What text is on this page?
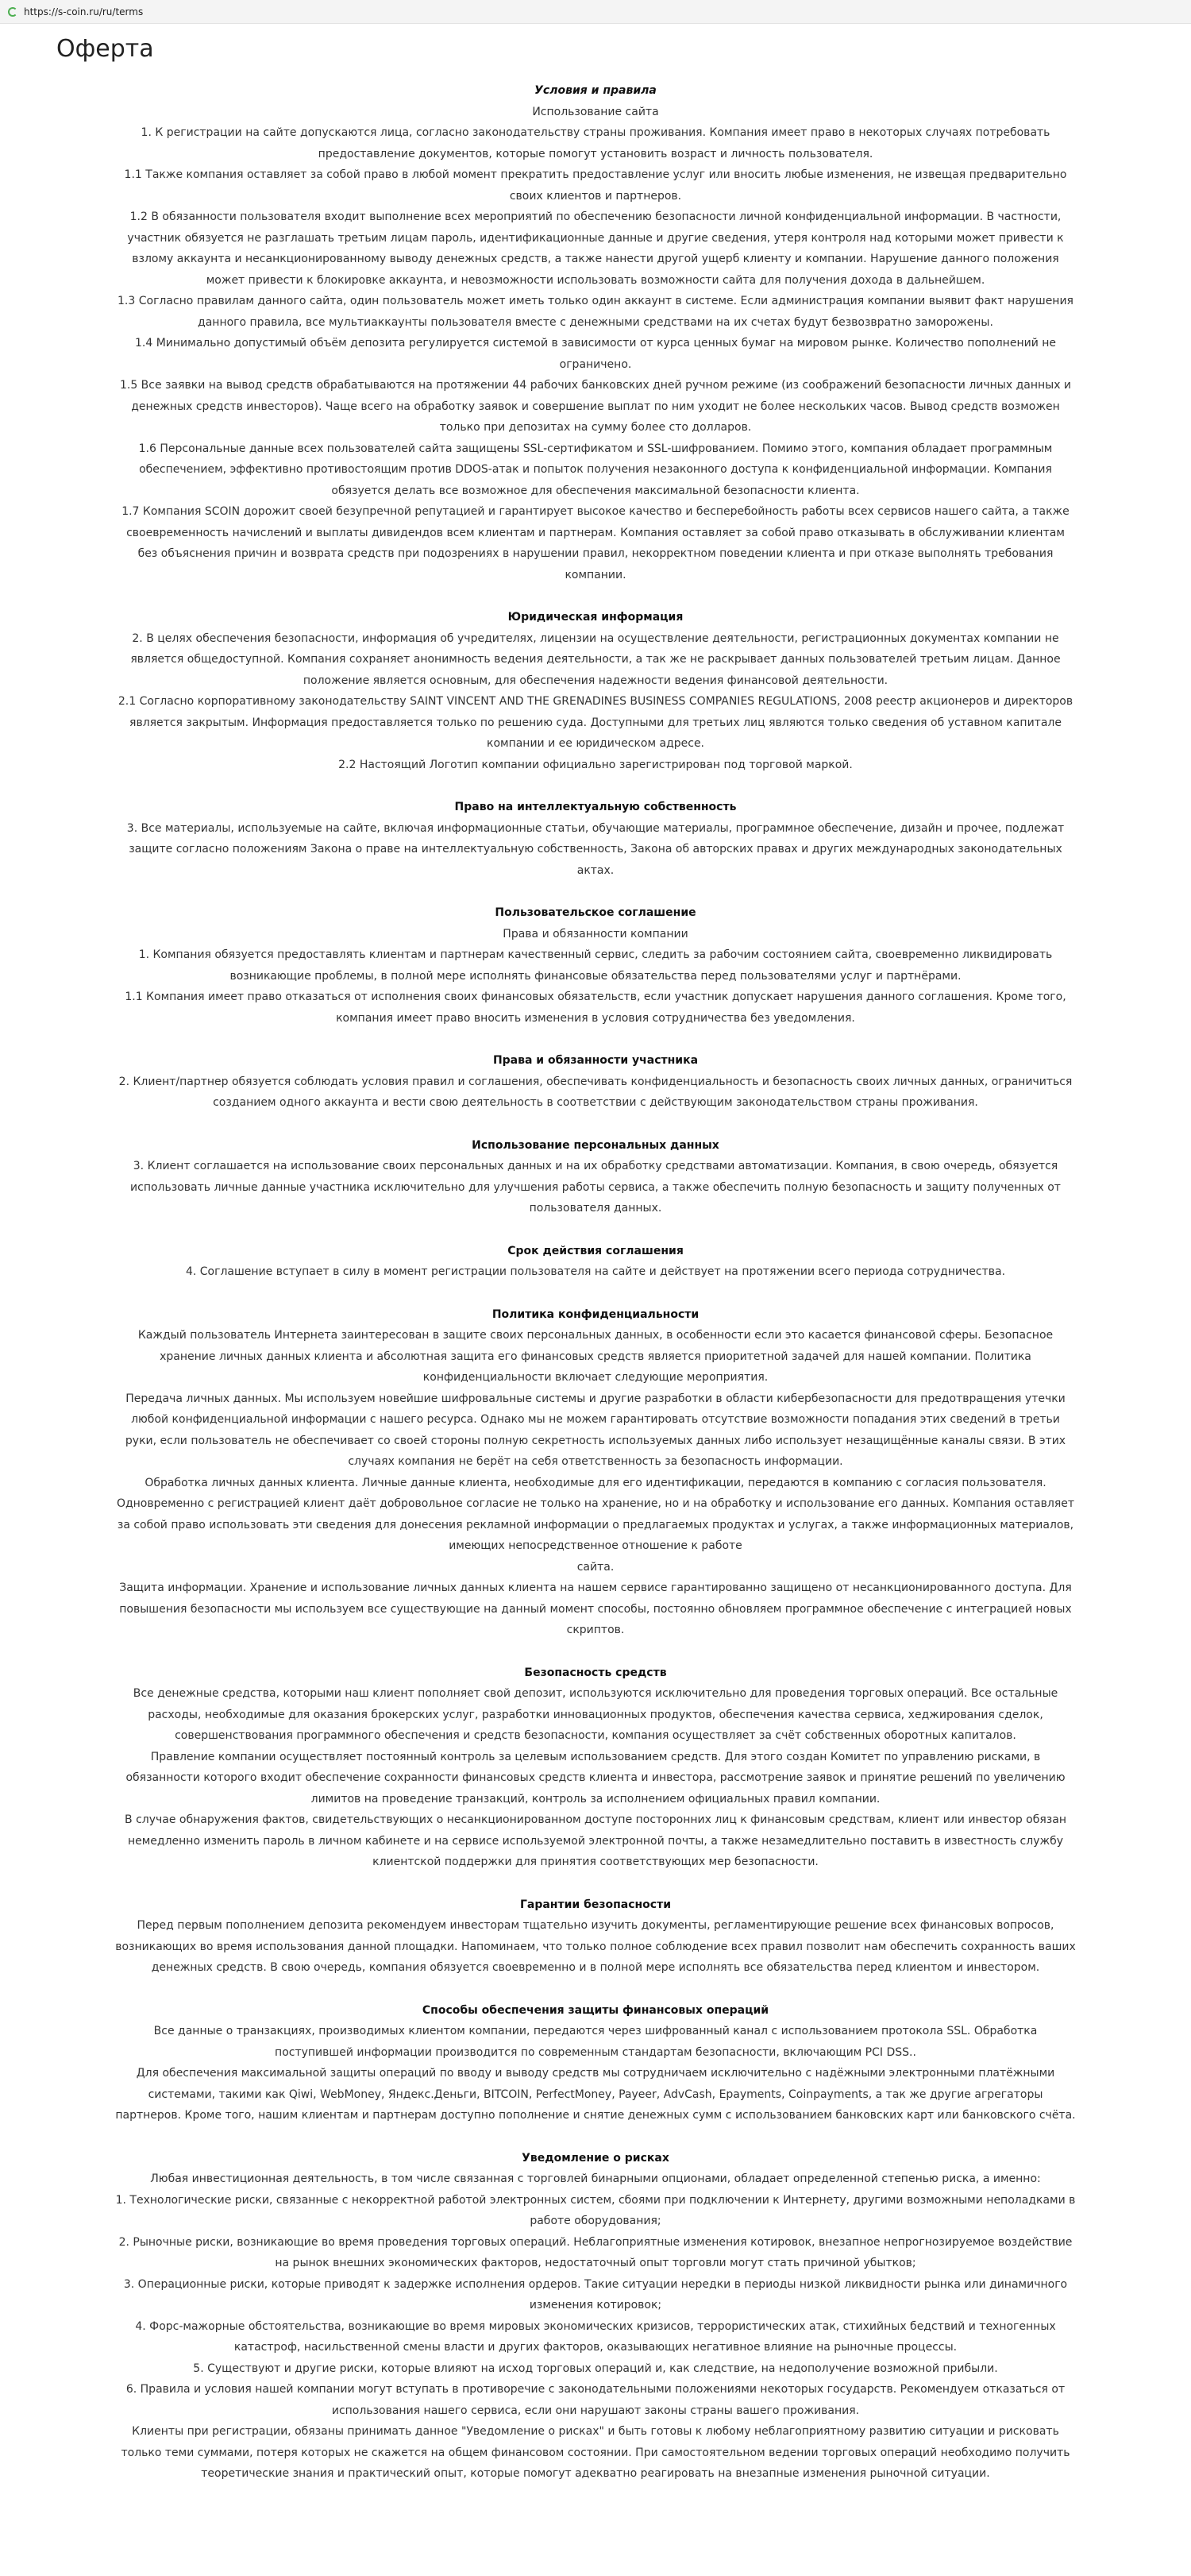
https://s-coin.ru/ru/terms
Оферта

Условия и правила

Использование сайта

1. К регистрации на сайте допускаются лица, согласно законодательству страны проживания. Компания имеет право в некоторых случаях потребовать предоставление документов, которые помогут установить возраст и личность пользователя.

1.1 Также компания оставляет за собой право в любой момент прекратить предоставление услуг или вносить любые изменения, не извещая предварительно своих клиентов и партнеров.

1.2 В обязанности пользователя входит выполнение всех мероприятий по обеспечению безопасности личной конфиденциальной информации. В частности, участник обязуется не разглашать третьим лицам пароль, идентификационные данные и другие сведения, утеря контроля над которыми может привести к взлому аккаунта и несанкционированному выводу денежных средств, а также нанести другой ущерб клиенту и компании. Нарушение данного положения может привести к блокировке аккаунта, и невозможности использовать возможности сайта для получения дохода в дальнейшем.

1.3 Согласно правилам данного сайта, один пользователь может иметь только один аккаунт в системе. Если администрация компании выявит факт нарушения данного правила, все мультиаккаунты пользователя вместе с денежными средствами на их счетах будут безвозвратно заморожены.

1.4 Минимально допустимый объём депозита регулируется системой в зависимости от курса ценных бумаг на мировом рынке. Количество пополнений не ограничено.

1.5 Все заявки на вывод средств обрабатываются на протяжении 44 рабочих банковских дней ручном режиме (из соображений безопасности личных данных и денежных средств инвесторов). Чаще всего на обработку заявок и совершение выплат по ним уходит не более нескольких часов. Вывод средств возможен только при депозитах на сумму более сто долларов.

1.6 Персональные данные всех пользователей сайта защищены SSL-сертификатом и SSL-шифрованием. Помимо этого, компания обладает программным обеспечением, эффективно противостоящим против DDOS-атак и попыток получения незаконного доступа к конфиденциальной информации. Компания обязуется делать все возможное для обеспечения максимальной безопасности клиента.

1.7 Компания SCOIN дорожит своей безупречной репутацией и гарантирует высокое качество и бесперебойность работы всех сервисов нашего сайта, а также своевременность начислений и выплаты дивидендов всем клиентам и партнерам. Компания оставляет за собой право отказывать в обслуживании клиентам без объяснения причин и возврата средств при подозрениях в нарушении правил, некорректном поведении клиента и при отказе выполнять требования компании.

Юридическая информация

2. В целях обеспечения безопасности, информация об учредителях, лицензии на осуществление деятельности, регистрационных документах компании не является общедоступной. Компания сохраняет анонимность ведения деятельности, а так же не раскрывает данных пользователей третьим лицам. Данное положение является основным, для обеспечения надежности ведения финансовой деятельности.

2.1 Согласно корпоративному законодательству SAINT VINCENT AND THE GRENADINES BUSINESS COMPANIES REGULATIONS, 2008 реестр акционеров и директоров является закрытым. Информация предоставляется только по решению суда. Доступными для третьих лиц являются только сведения об уставном капитале компании и ее юридическом адресе.

2.2 Настоящий Логотип компании официально зарегистрирован под торговой маркой.

Право на интеллектуальную собственность

3. Все материалы, используемые на сайте, включая информационные статьи, обучающие материалы, программное обеспечение, дизайн и прочее, подлежат защите согласно положениям Закона о праве на интеллектуальную собственность, Закона об авторских правах и других международных законодательных актах.

Пользовательское соглашение

Права и обязанности компании

1. Компания обязуется предоставлять клиентам и партнерам качественный сервис, следить за рабочим состоянием сайта, своевременно ликвидировать возникающие проблемы, в полной мере исполнять финансовые обязательства перед пользователями услуг и партнёрами.

1.1 Компания имеет право отказаться от исполнения своих финансовых обязательств, если участник допускает нарушения данного соглашения. Кроме того, компания имеет право вносить изменения в условия сотрудничества без уведомления.

Права и обязанности участника

2. Клиент/партнер обязуется соблюдать условия правил и соглашения, обеспечивать конфиденциальность и безопасность своих личных данных, ограничиться созданием одного аккаунта и вести свою деятельность в соответствии с действующим законодательством страны проживания.

Использование персональных данных

3. Клиент соглашается на использование своих персональных данных и на их обработку средствами автоматизации. Компания, в свою очередь, обязуется использовать личные данные участника исключительно для улучшения работы сервиса, а также обеспечить полную безопасность и защиту полученных от пользователя данных.

Срок действия соглашения

4. Соглашение вступает в силу в момент регистрации пользователя на сайте и действует на протяжении всего периода сотрудничества.

Политика конфиденциальности

Каждый пользователь Интернета заинтересован в защите своих персональных данных, в особенности если это касается финансовой сферы. Безопасное хранение личных данных клиента и абсолютная защита его финансовых средств является приоритетной задачей для нашей компании. Политика конфиденциальности включает следующие мероприятия.

Передача личных данных. Мы используем новейшие шифровальные системы и другие разработки в области кибербезопасности для предотвращения утечки любой конфиденциальной информации с нашего ресурса. Однако мы не можем гарантировать отсутствие возможности попадания этих сведений в третьи руки, если пользователь не обеспечивает со своей стороны полную секретность используемых данных либо использует незащищённые каналы связи. В этих случаях компания не берёт на себя ответственность за безопасность информации.

Обработка личных данных клиента. Личные данные клиента, необходимые для его идентификации, передаются в компанию с согласия пользователя.

Одновременно с регистрацией клиент даёт добровольное согласие не только на хранение, но и на обработку и использование его данных. Компания оставляет за собой право использовать эти сведения для донесения рекламной информации о предлагаемых продуктах и услугах, а также информационных материалов, имеющих непосредственное отношение к работе

сайта.

Защита информации. Хранение и использование личных данных клиента на нашем сервисе гарантированно защищено от несанкционированного доступа. Для повышения безопасности мы используем все существующие на данный момент способы, постоянно обновляем программное обеспечение с интеграцией новых скриптов.

Безопасность средств

Все денежные средства, которыми наш клиент пополняет свой депозит, используются исключительно для проведения торговых операций. Все остальные расходы, необходимые для оказания брокерских услуг, разработки инновационных продуктов, обеспечения качества сервиса, хеджирования сделок, совершенствования программного обеспечения и средств безопасности, компания осуществляет за счёт собственных оборотных капиталов.

Правление компании осуществляет постоянный контроль за целевым использованием средств. Для этого создан Комитет по управлению рисками, в обязанности которого входит обеспечение сохранности финансовых средств клиента и инвестора, рассмотрение заявок и принятие решений по увеличению лимитов на проведение транзакций, контроль за исполнением официальных правил компании.

В случае обнаружения фактов, свидетельствующих о несанкционированном доступе посторонних лиц к финансовым средствам, клиент или инвестор обязан немедленно изменить пароль в личном кабинете и на сервисе используемой электронной почты, а также незамедлительно поставить в известность службу клиентской поддержки для принятия соответствующих мер безопасности.

Гарантии безопасности

Перед первым пополнением депозита рекомендуем инвесторам тщательно изучить документы, регламентирующие решение всех финансовых вопросов, возникающих во время использования данной площадки. Напоминаем, что только полное соблюдение всех правил позволит нам обеспечить сохранность ваших денежных средств. В свою очередь, компания обязуется своевременно и в полной мере исполнять все обязательства перед клиентом и инвестором.

Способы обеспечения защиты финансовых операций

Все данные о транзакциях, производимых клиентом компании, передаются через шифрованный канал с использованием протокола SSL. Обработка поступившей информации производится по современным стандартам безопасности, включающим PCI DSS..

Для обеспечения максимальной защиты операций по вводу и выводу средств мы сотрудничаем исключительно с надёжными электронными платёжными системами, такими как Qiwi, WebMoney, Яндекс.Деньги, BITCOIN, PerfectMoney, Payeer, AdvCash, Epayments, Coinpayments, а так же другие агрегаторы партнеров. Кроме того, нашим клиентам и партнерам доступно пополнение и снятие денежных сумм с использованием банковских карт или банковского счёта.

Уведомление о рисках

Любая инвестиционная деятельность, в том числе связанная с торговлей бинарными опционами, обладает определенной степенью риска, а именно:

1. Технологические риски, связанные с некорректной работой электронных систем, сбоями при подключении к Интернету, другими возможными неполадками в работе оборудования;

2. Рыночные риски, возникающие во время проведения торговых операций. Неблагоприятные изменения котировок, внезапное непрогнозируемое воздействие на рынок внешних экономических факторов, недостаточный опыт торговли могут стать причиной убытков;

3. Операционные риски, которые приводят к задержке исполнения ордеров. Такие ситуации нередки в периоды низкой ликвидности рынка или динамичного изменения котировок;

4. Форс-мажорные обстоятельства, возникающие во время мировых экономических кризисов, террористических атак, стихийных бедствий и техногенных катастроф, насильственной смены власти и других факторов, оказывающих негативное влияние на рыночные процессы.

5. Существуют и другие риски, которые влияют на исход торговых операций и, как следствие, на недополучение возможной прибыли.

6. Правила и условия нашей компании могут вступать в противоречие с законодательными положениями некоторых государств. Рекомендуем отказаться от использования нашего сервиса, если они нарушают законы страны вашего проживания.

Клиенты при регистрации, обязаны принимать данное "Уведомление о рисках" и быть готовы к любому неблагоприятному развитию ситуации и рисковать только теми суммами, потеря которых не скажется на общем финансовом состоянии. При самостоятельном ведении торговых операций необходимо получить теоретические знания и практический опыт, которые помогут адекватно реагировать на внезапные изменения рыночной ситуации.
